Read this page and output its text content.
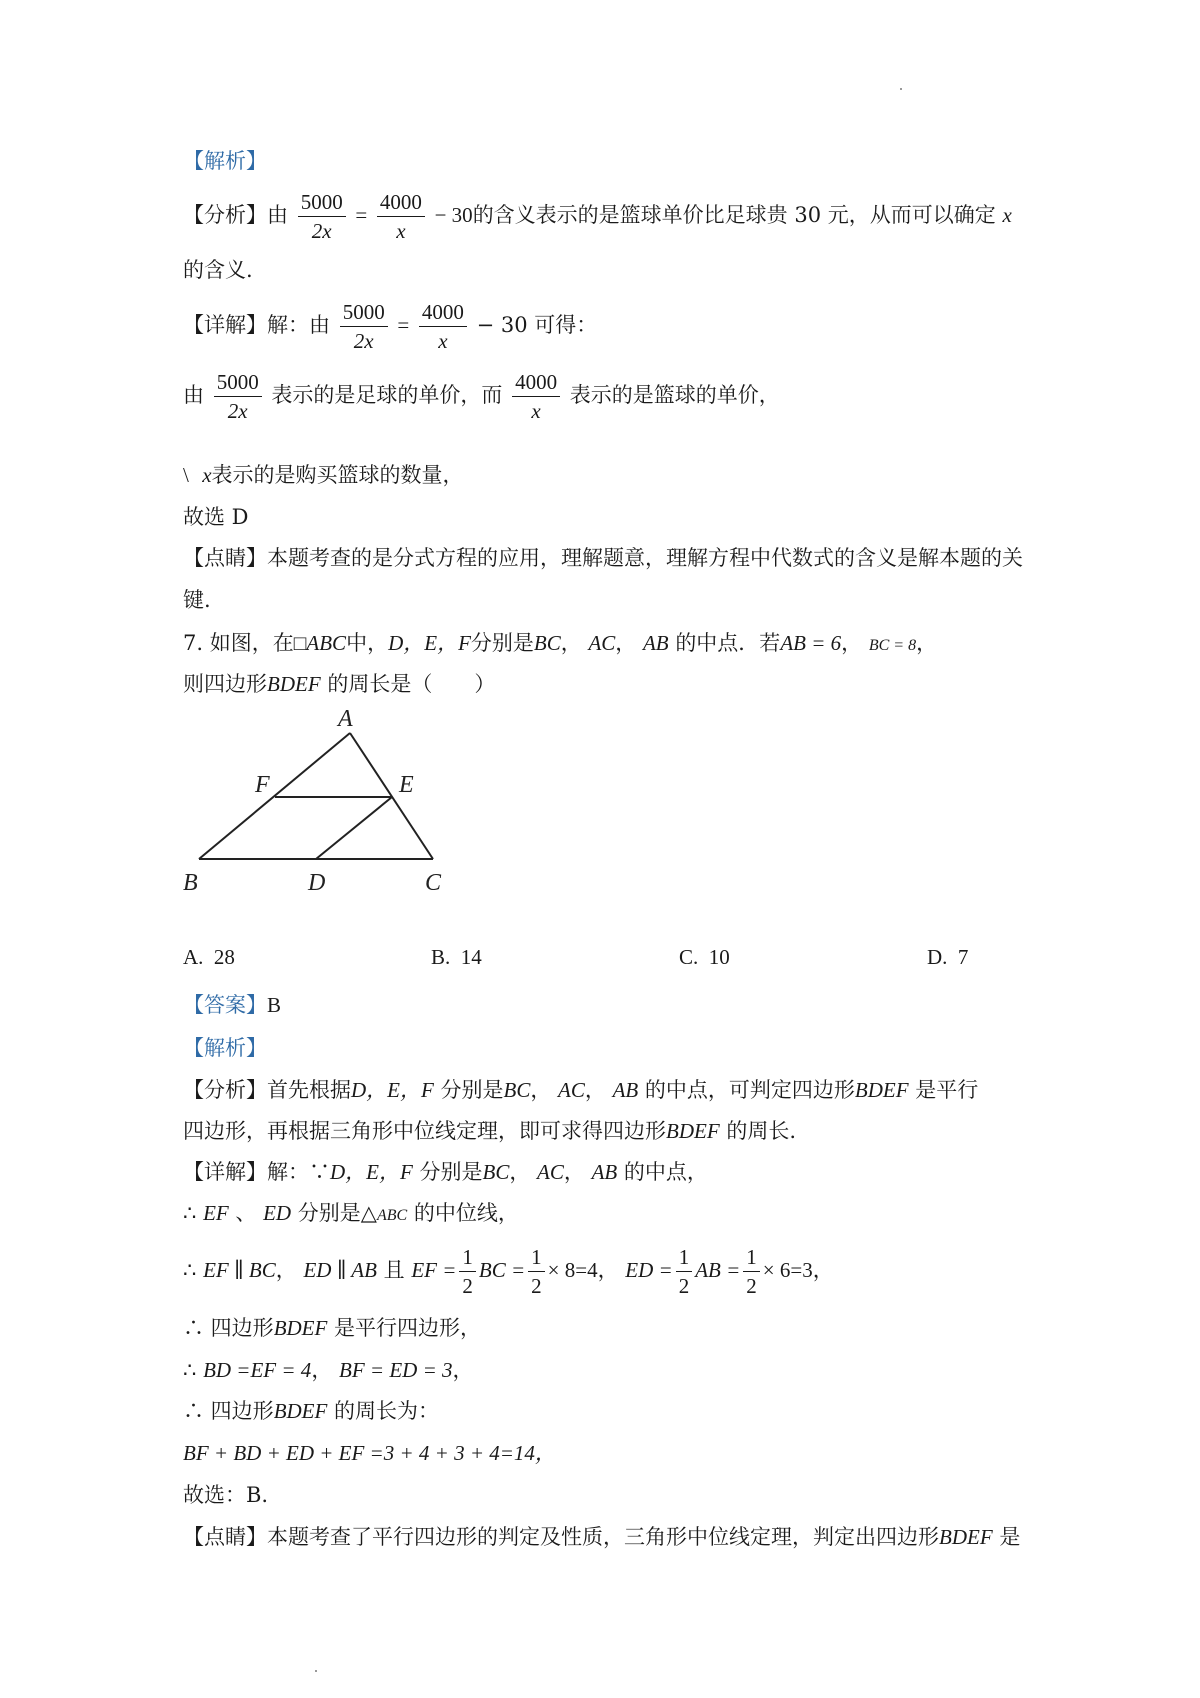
【解析】
【分析】由 $\frac{5000}{2x} = \frac{4000}{x} - 30$的含义表示的是篮球单价比足球贵 30 元，从而可以确定 x
的含义.
【详解】解：由 $\frac{5000}{2x} = \frac{4000}{x} - 30$ 可得：
由 $\frac{5000}{2x}$ 表示的是足球的单价，而 $\frac{4000}{x}$ 表示的是篮球的单价，
\ x表示的是购买篮球的数量，
故选 D
【点睛】本题考查的是分式方程的应用，理解题意，理解方程中代数式的含义是解本题的关
键.
7. 如图，在□ABC中，D，E，F分别是BC， AC， AB 的中点．若AB = 6， BC = 8，
则四边形BDEF 的周长是（　　）
A
F	E
B	D	C
A. 28	B. 14	C. 10	D. 7
【答案】B
【解析】
【分析】首先根据D，E，F 分别是BC， AC， AB 的中点，可判定四边形BDEF 是平行
四边形，再根据三角形中位线定理，即可求得四边形BDEF 的周长.
【详解】解：∵D，E，F 分别是BC， AC， AB 的中点，
∴ EF 、 ED 分别是△ABC 的中位线，
∴ EF ∥ BC， ED ∥ AB 且 EF = $\frac{1}{2}$ BC = $\frac{1}{2} \times 8=4$， ED = $\frac{1}{2}$ AB = $\frac{1}{2} \times 6=3$，
∴ 四边形BDEF 是平行四边形，
∴ BD =EF = 4， BF = ED = 3，
∴ 四边形BDEF 的周长为：
BF + BD + ED + EF =3 + 4 + 3 + 4=14，
故选：B.
【点睛】本题考查了平行四边形的判定及性质，三角形中位线定理，判定出四边形BDEF 是
